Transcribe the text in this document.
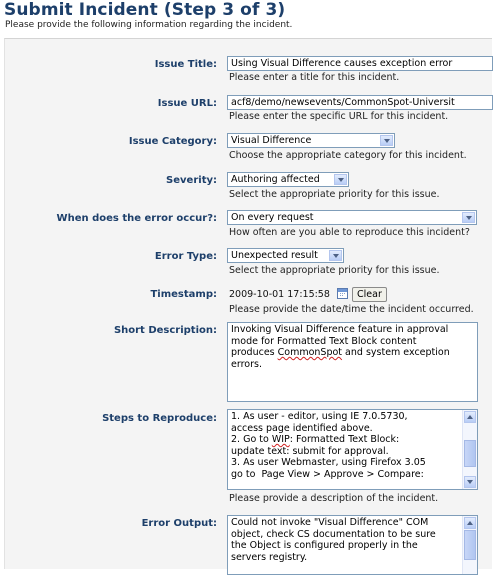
Submit Incident (Step 3 of 3)
Please provide the following information regarding the incident.
Issue Title:	Using Visual Difference causes exception error
Please enter a title for this incident.
Issue URL:	acf8/demo/newsevents/CommonSpot-Universit
Please enter the specific URL for this incident.
Issue Category:	Visual Difference
Choose the appropriate category for this incident.
Severity:	Authoring affected
Select the appropriate priority for this issue.
When does the error occur?:	On every request
How often are you able to reproduce this incident?
Error Type:	Unexpected result
Select the appropriate priority for this issue.
Timestamp: 2009-10-01 17:15:58	Clear
Please provide the date/time the incident occurred.
Short Description: Invoking Visual Difference feature in approval
mode for Formatted Text Block content
produces CommonSpot and system exception
errors.
Steps to Reproduce: 1. As user - editor, using IE 7.0.5730,
access page identified above.
2. Go to WIP: Formatted Text Block:
update text: submit for approval.
3. As user Webmaster, using Firefox 3.05
go to  Page View > Approve > Compare:

Please provide a description of the incident.
Error Output: Could not invoke "Visual Difference" COM
object, check CS documentation to be sure
the Object is configured properly in the
servers registry.
